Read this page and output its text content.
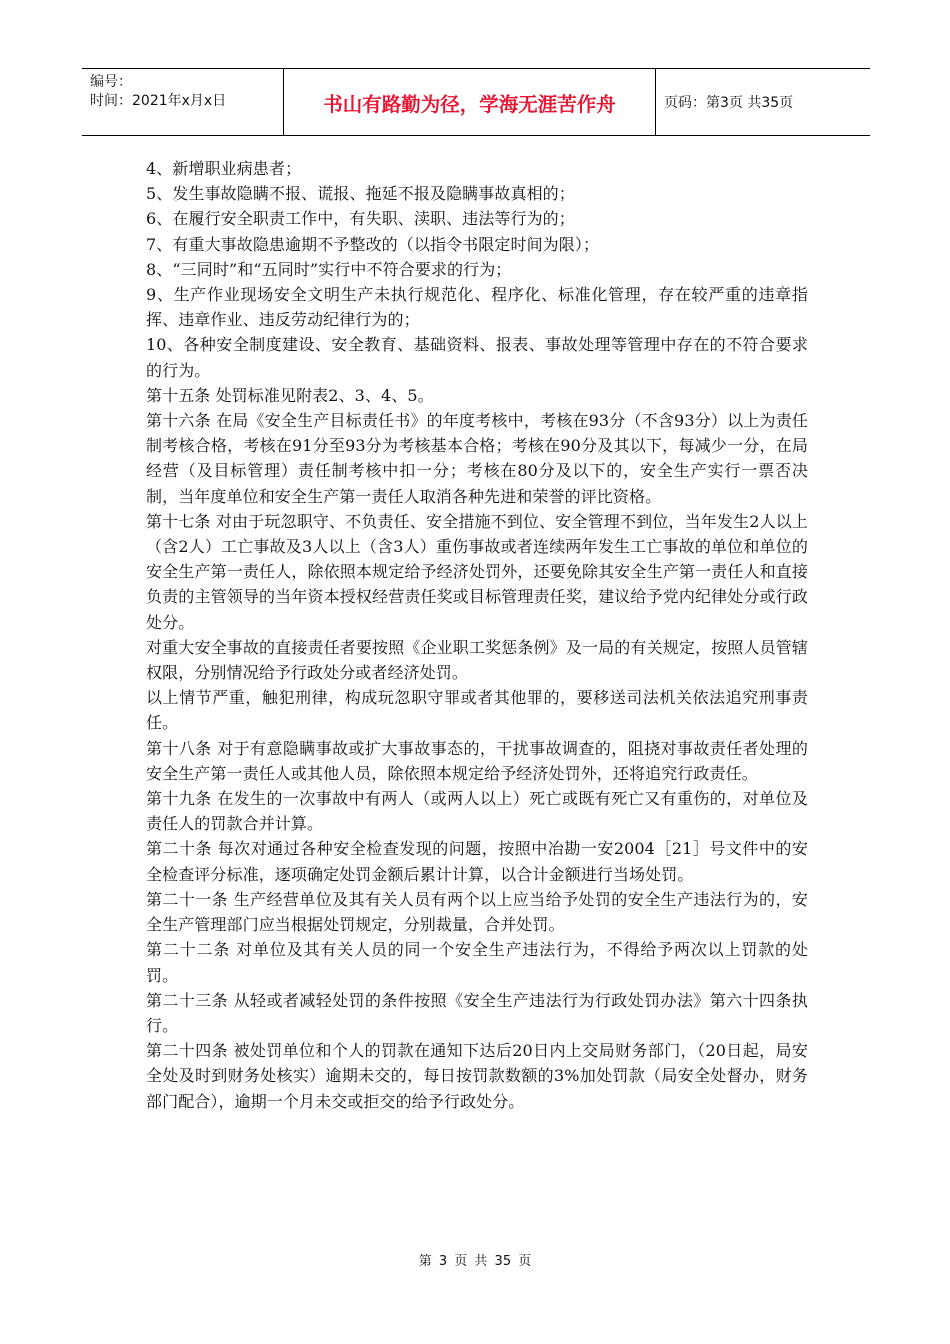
编号：
时间：2021年x月x日	书山有路勤为径，学海无涯苦作舟	页码：第3页 共35页

4、新增职业病患者；

5、发生事故隐瞒不报、谎报、拖延不报及隐瞒事故真相的；

6、在履行安全职责工作中，有失职、渎职、违法等行为的；

7、有重大事故隐患逾期不予整改的（以指令书限定时间为限）；

8、“三同时”和“五同时”实行中不符合要求的行为；

9、生产作业现场安全文明生产未执行规范化、程序化、标准化管理，存在较严重的违章指挥、违章作业、违反劳动纪律行为的；

10、各种安全制度建设、安全教育、基础资料、报表、事故处理等管理中存在的不符合要求的行为。

第十五条 处罚标准见附表2、3、4、5。

第十六条 在局《安全生产目标责任书》的年度考核中，考核在93分（不含93分）以上为责任制考核合格，考核在91分至93分为考核基本合格；考核在90分及其以下，每减少一分，在局经营（及目标管理）责任制考核中扣一分；考核在80分及以下的，安全生产实行一票否决制，当年度单位和安全生产第一责任人取消各种先进和荣誉的评比资格。

第十七条 对由于玩忽职守、不负责任、安全措施不到位、安全管理不到位，当年发生2人以上（含2人）工亡事故及3人以上（含3人）重伤事故或者连续两年发生工亡事故的单位和单位的安全生产第一责任人，除依照本规定给予经济处罚外，还要免除其安全生产第一责任人和直接负责的主管领导的当年资本授权经营责任奖或目标管理责任奖，建议给予党内纪律处分或行政处分。

对重大安全事故的直接责任者要按照《企业职工奖惩条例》及一局的有关规定，按照人员管辖权限，分别情况给予行政处分或者经济处罚。

以上情节严重，触犯刑律，构成玩忽职守罪或者其他罪的，要移送司法机关依法追究刑事责任。

第十八条 对于有意隐瞒事故或扩大事故事态的，干扰事故调查的，阻挠对事故责任者处理的安全生产第一责任人或其他人员，除依照本规定给予经济处罚外，还将追究行政责任。

第十九条 在发生的一次事故中有两人（或两人以上）死亡或既有死亡又有重伤的，对单位及责任人的罚款合并计算。

第二十条 每次对通过各种安全检查发现的问题，按照中冶勘一安2004［21］号文件中的安全检查评分标准，逐项确定处罚金额后累计计算，以合计金额进行当场处罚。

第二十一条 生产经营单位及其有关人员有两个以上应当给予处罚的安全生产违法行为的，安全生产管理部门应当根据处罚规定，分别裁量，合并处罚。

第二十二条 对单位及其有关人员的同一个安全生产违法行为，不得给予两次以上罚款的处罚。

第二十三条 从轻或者减轻处罚的条件按照《安全生产违法行为行政处罚办法》第六十四条执行。

第二十四条 被处罚单位和个人的罚款在通知下达后20日内上交局财务部门，（20日起，局安全处及时到财务处核实）逾期未交的，每日按罚款数额的3%加处罚款（局安全处督办，财务部门配合），逾期一个月未交或拒交的给予行政处分。

第 3 页 共 35 页
